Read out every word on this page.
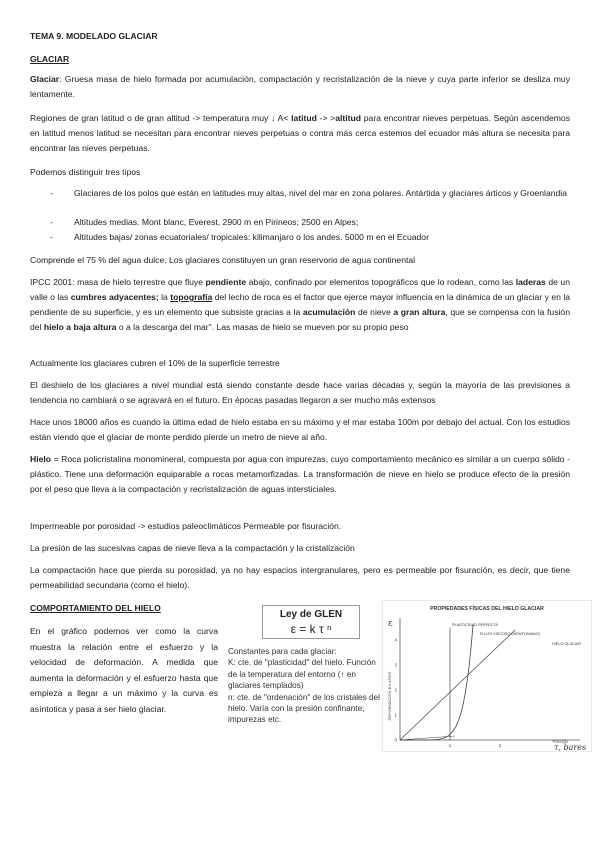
TEMA 9. MODELADO GLACIAR
GLACIAR
Glaciar: Gruesa masa de hielo formada por acumulación, compactación y recristalización de la nieve y cuya parte inferior se desliza muy lentamente.
Regiones de gran latitud o de gran altitud -> temperatura muy ↓ A< latitud -> >altitud para encontrar nieves perpetuas. Según ascendemos en latitud menos latitud se necesitan para encontrar nieves perpetuas o contra más cerca estemos del ecuador más altura se necesita para encontrar las nieves perpetuas.
Podemos distinguir tres tipos
- Glaciares de los polos que están en latitudes muy altas, nivel del mar en zona polares. Antártida y glaciares árticos y Groenlandia
- Altitudes medias. Mont blanc, Everest, 2900 m en Pirineos; 2500 en Alpes;
- Altitudes bajas/ zonas ecuatoriales/ tropicales: kilimanjaro o los andes. 5000 m en el Ecuador
Comprende el 75 % del agua dulce. Los glaciares constituyen un gran reservorio de agua continental
IPCC 2001: masa de hielo terrestre que fluye pendiente abajo, confinado por elementos topográficos que lo rodean, como las laderas de un valle o las cumbres adyacentes; la topografía del lecho de roca es el factor que ejerce mayor influencia en la dinámica de un glaciar y en la pendiente de su superficie, y es un elemento que subsiste gracias a la acumulación de nieve a gran altura, que se compensa con la fusión del hielo a baja altura o a la descarga del mar". Las masas de hielo se mueven por su propio peso
Actualmente los glaciares cubren el 10% de la superficie terrestre
El deshielo de los glaciares a nivel mundial está siendo constante desde hace varias décadas y, según la mayoría de las previsiones a tendencia no cambiará o se agravará en el futuro. En épocas pasadas llegaron a ser mucho más extensos
Hace unos 18000 años es cuando la última edad de hielo estaba en su máximo y el mar estaba 100m por debajo del actual. Con los estudios están viendo que el glaciar de monte perdido pierde un metro de nieve al año.
Hielo = Roca policristalina monomineral, compuesta por agua con impurezas, cuyo comportamiento mecánico es similar a un cuerpo sólido - plástico. Tiene una deformación equiparable a rocas metamorfizadas. La transformación de nieve en hielo se produce efecto de la presión por el peso que lleva a la compactación y recristalización de aguas intersticiales.
Impermeable por porosidad -> estudios paleoclimáticos Permeable por fisuración.
La presión de las sucesivas capas de nieve lleva a la compactación y la cristalización
La compactación hace que pierda su porosidad, ya no hay espacios intergranulares, pero es permeable por fisuración, es decir, que tiene permeabilidad secundaria (como el hielo).
COMPORTAMIENTO DEL HIELO
En el gráfico podemos ver como la curva muestra la relación entre el esfuerzo y la velocidad de deformación. A medida que aumenta la deformación y el esfuerzo hasta que empieza a llegar a un máximo y la curva es asíntotica y pasa a ser hielo glaciar.
Ley de GLEN
ε = k τ ⁿ
Constantes para cada glaciar:
K: cte. de "plasticidad" del hielo. Función de la temperatura del entorno (↑ en glaciares templados)
n: cte. de "ordenación" de los cristales del hielo. Varía con la presión confinante; impurezas etc.
PROPIEDADES FÍSICAS DEL HIELO GLACIAR
ε
DEFORMACIÓN EN AÑOS
TENSIÓN
τ, bares
0
1
2
3
4
1	2
PLASTICIDAD PERFECTA
FLUJO VISCOSO (NEWTONIANO)
HIELO GLACIAR
